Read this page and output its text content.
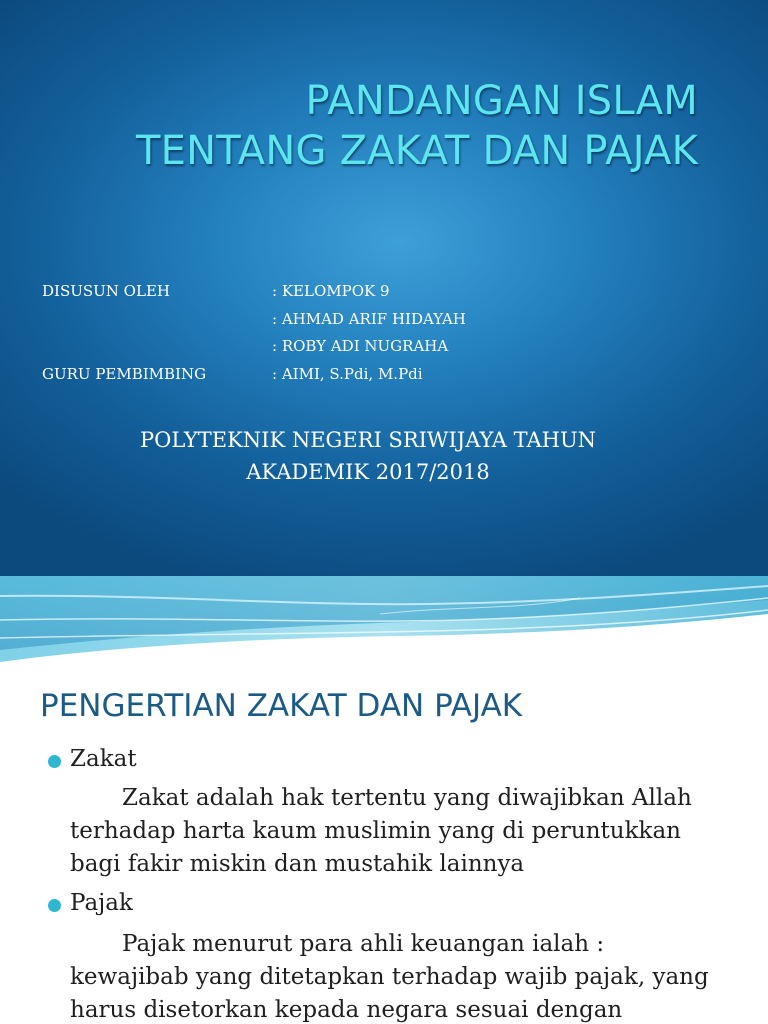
PANDANGAN ISLAM
TENTANG ZAKAT DAN PAJAK
DISUSUN OLEH	: KELOMPOK 9
: AHMAD ARIF HIDAYAH
: ROBY ADI NUGRAHA
GURU PEMBIMBING	: AIMI, S.Pdi, M.Pdi
POLYTEKNIK NEGERI SRIWIJAYA TAHUN
AKADEMIK 2017/2018
PENGERTIAN ZAKAT DAN PAJAK
Zakat
Zakat adalah hak tertentu yang diwajibkan Allah
terhadap harta kaum muslimin yang di peruntukkan
bagi fakir miskin dan mustahik lainnya
Pajak
Pajak menurut para ahli keuangan ialah :
kewajibab yang ditetapkan terhadap wajib pajak, yang
harus disetorkan kepada negara sesuai dengan
